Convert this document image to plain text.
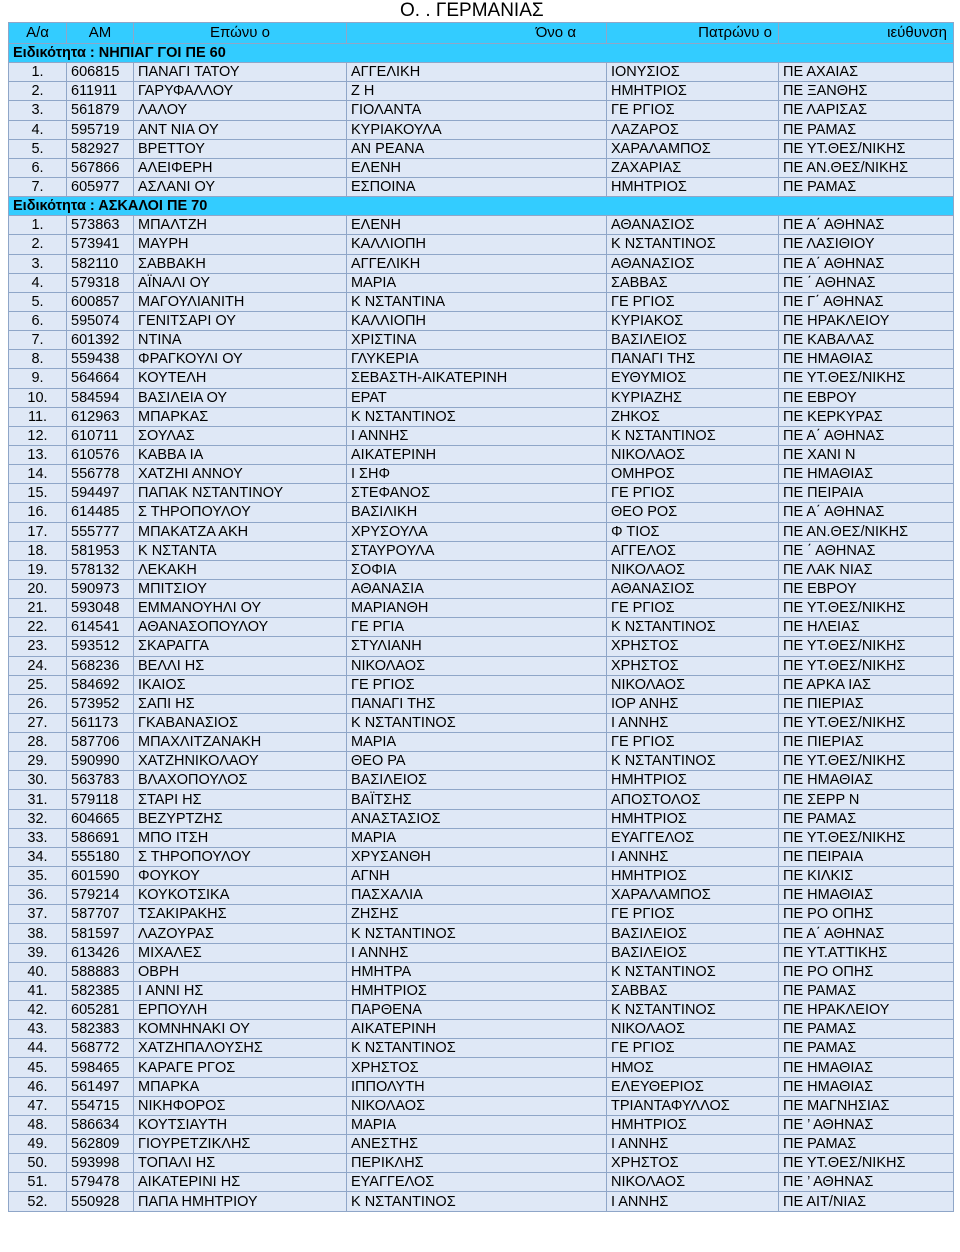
Ο. . ΓΕΡΜΑΝΙΑΣ
Α/α	ΑΜ	Επώνυ ο	Όνο α	Πατρώνυ ο	ιεύθυνση
Ειδικότητα : ΝΗΠΙΑΓ ΓΟΙ ΠΕ 60					
1.	606815	ΠΑΝΑΓΙ ΤΑΤΟΥ	ΑΓΓΕΛΙΚΗ	ΙΟΝΥΣΙΟΣ	ΠΕ ΑΧΑΙΑΣ
2.	611911	ΓΑΡΥΦΑΛΛΟΥ	Ζ Η	ΗΜΗΤΡΙΟΣ	ΠΕ ΞΑΝΘΗΣ
3.	561879	ΛΑΛΟΥ	ΓΙΟΛΑΝΤΑ	ΓΕ ΡΓΙΟΣ	ΠΕ ΛΑΡΙΣΑΣ
4.	595719	ΑΝΤ ΝΙΑ ΟΥ	ΚΥΡΙΑΚΟΥΛΑ	ΛΑΖΑΡΟΣ	ΠΕ ΡΑΜΑΣ
5.	582927	ΒΡΕΤΤΟΥ	ΑΝ ΡΕΑΝΑ	ΧΑΡΑΛΑΜΠΟΣ	ΠΕ ΥΤ.ΘΕΣ/ΝΙΚΗΣ
6.	567866	ΑΛΕΙΦΕΡΗ	ΕΛΕΝΗ	ΖΑΧΑΡΙΑΣ	ΠΕ ΑΝ.ΘΕΣ/ΝΙΚΗΣ
7.	605977	ΑΣΛΑΝΙ ΟΥ	ΕΣΠΟΙΝΑ	ΗΜΗΤΡΙΟΣ	ΠΕ ΡΑΜΑΣ
Ειδικότητα : ΑΣΚΑΛΟΙ ΠΕ 70					
1.	573863	ΜΠΑΛΤΖΗ	ΕΛΕΝΗ	ΑΘΑΝΑΣΙΟΣ	ΠΕ Α΄ ΑΘΗΝΑΣ
2.	573941	ΜΑΥΡΗ	ΚΑΛΛΙΟΠΗ	Κ ΝΣΤΑΝΤΙΝΟΣ	ΠΕ ΛΑΣΙΘΙΟΥ
3.	582110	ΣΑΒΒΑΚΗ	ΑΓΓΕΛΙΚΗ	ΑΘΑΝΑΣΙΟΣ	ΠΕ Α΄ ΑΘΗΝΑΣ
4.	579318	ΑΪΝΑΛΙ ΟΥ	ΜΑΡΙΑ	ΣΑΒΒΑΣ	ΠΕ ΄ ΑΘΗΝΑΣ
5.	600857	ΜΑΓΟΥΛΙΑΝΙΤΗ	Κ ΝΣΤΑΝΤΙΝΑ	ΓΕ ΡΓΙΟΣ	ΠΕ Γ΄ ΑΘΗΝΑΣ
6.	595074	ΓΕΝΙΤΣΑΡΙ ΟΥ	ΚΑΛΛΙΟΠΗ	ΚΥΡΙΑΚΟΣ	ΠΕ ΗΡΑΚΛΕΙΟΥ
7.	601392	ΝΤΙΝΑ	ΧΡΙΣΤΙΝΑ	ΒΑΣΙΛΕΙΟΣ	ΠΕ ΚΑΒΑΛΑΣ
8.	559438	ΦΡΑΓΚΟΥΛΙ ΟΥ	ΓΛΥΚΕΡΙΑ	ΠΑΝΑΓΙ ΤΗΣ	ΠΕ ΗΜΑΘΙΑΣ
9.	564664	ΚΟΥΤΕΛΗ	ΣΕΒΑΣΤΗ-ΑΙΚΑΤΕΡΙΝΗ	ΕΥΘΥΜΙΟΣ	ΠΕ ΥΤ.ΘΕΣ/ΝΙΚΗΣ
10.	584594	ΒΑΣΙΛΕΙΑ ΟΥ	ΕΡΑΤ	ΚΥΡΙΑΖΗΣ	ΠΕ ΕΒΡΟΥ
11.	612963	ΜΠΑΡΚΑΣ	Κ ΝΣΤΑΝΤΙΝΟΣ	ΖΗΚΟΣ	ΠΕ ΚΕΡΚΥΡΑΣ
12.	610711	ΣΟΥΛΑΣ	Ι ΑΝΝΗΣ	Κ ΝΣΤΑΝΤΙΝΟΣ	ΠΕ Α΄ ΑΘΗΝΑΣ
13.	610576	ΚΑΒΒΑ ΙΑ	ΑΙΚΑΤΕΡΙΝΗ	ΝΙΚΟΛΑΟΣ	ΠΕ ΧΑΝΙ Ν
14.	556778	ΧΑΤΖΗΙ ΑΝΝΟΥ	Ι ΣΗΦ	ΟΜΗΡΟΣ	ΠΕ ΗΜΑΘΙΑΣ
15.	594497	ΠΑΠΑΚ ΝΣΤΑΝΤΙΝΟΥ	ΣΤΕΦΑΝΟΣ	ΓΕ ΡΓΙΟΣ	ΠΕ ΠΕΙΡΑΙΑ
16.	614485	Σ ΤΗΡΟΠΟΥΛΟΥ	ΒΑΣΙΛΙΚΗ	ΘΕΟ ΡΟΣ	ΠΕ Α΄ ΑΘΗΝΑΣ
17.	555777	ΜΠΑΚΑΤΖΑ ΑΚΗ	ΧΡΥΣΟΥΛΑ	Φ ΤΙΟΣ	ΠΕ ΑΝ.ΘΕΣ/ΝΙΚΗΣ
18.	581953	Κ ΝΣΤΑΝΤΑ	ΣΤΑΥΡΟΥΛΑ	ΑΓΓΕΛΟΣ	ΠΕ ΄ ΑΘΗΝΑΣ
19.	578132	ΛΕΚΑΚΗ	ΣΟΦΙΑ	ΝΙΚΟΛΑΟΣ	ΠΕ ΛΑΚ ΝΙΑΣ
20.	590973	ΜΠΙΤΣΙΟΥ	ΑΘΑΝΑΣΙΑ	ΑΘΑΝΑΣΙΟΣ	ΠΕ ΕΒΡΟΥ
21.	593048	ΕΜΜΑΝΟΥΗΛΙ ΟΥ	ΜΑΡΙΑΝΘΗ	ΓΕ ΡΓΙΟΣ	ΠΕ ΥΤ.ΘΕΣ/ΝΙΚΗΣ
22.	614541	ΑΘΑΝΑΣΟΠΟΥΛΟΥ	ΓΕ ΡΓΙΑ	Κ ΝΣΤΑΝΤΙΝΟΣ	ΠΕ ΗΛΕΙΑΣ
23.	593512	ΣΚΑΡΑΓΓΑ	ΣΤΥΛΙΑΝΗ	ΧΡΗΣΤΟΣ	ΠΕ ΥΤ.ΘΕΣ/ΝΙΚΗΣ
24.	568236	ΒΕΛΛΙ ΗΣ	ΝΙΚΟΛΑΟΣ	ΧΡΗΣΤΟΣ	ΠΕ ΥΤ.ΘΕΣ/ΝΙΚΗΣ
25.	584692	ΙΚΑΙΟΣ	ΓΕ ΡΓΙΟΣ	ΝΙΚΟΛΑΟΣ	ΠΕ ΑΡΚΑ ΙΑΣ
26.	573952	ΣΑΠΙ ΗΣ	ΠΑΝΑΓΙ ΤΗΣ	ΙΟΡ ΑΝΗΣ	ΠΕ ΠΙΕΡΙΑΣ
27.	561173	ΓΚΑΒΑΝΑΣΙΟΣ	Κ ΝΣΤΑΝΤΙΝΟΣ	Ι ΑΝΝΗΣ	ΠΕ ΥΤ.ΘΕΣ/ΝΙΚΗΣ
28.	587706	ΜΠΑΧΛΙΤΖΑΝΑΚΗ	ΜΑΡΙΑ	ΓΕ ΡΓΙΟΣ	ΠΕ ΠΙΕΡΙΑΣ
29.	590990	ΧΑΤΖΗΝΙΚΟΛΑΟΥ	ΘΕΟ ΡΑ	Κ ΝΣΤΑΝΤΙΝΟΣ	ΠΕ ΥΤ.ΘΕΣ/ΝΙΚΗΣ
30.	563783	ΒΛΑΧΟΠΟΥΛΟΣ	ΒΑΣΙΛΕΙΟΣ	ΗΜΗΤΡΙΟΣ	ΠΕ ΗΜΑΘΙΑΣ
31.	579118	ΣΤΑΡΙ ΗΣ	ΒΑΪΤΣΗΣ	ΑΠΟΣΤΟΛΟΣ	ΠΕ ΣΕΡΡ Ν
32.	604665	ΒΕΖΥΡΤΖΗΣ	ΑΝΑΣΤΑΣΙΟΣ	ΗΜΗΤΡΙΟΣ	ΠΕ ΡΑΜΑΣ
33.	586691	ΜΠΟ ΙΤΣΗ	ΜΑΡΙΑ	ΕΥΑΓΓΕΛΟΣ	ΠΕ ΥΤ.ΘΕΣ/ΝΙΚΗΣ
34.	555180	Σ ΤΗΡΟΠΟΥΛΟΥ	ΧΡΥΣΑΝΘΗ	Ι ΑΝΝΗΣ	ΠΕ ΠΕΙΡΑΙΑ
35.	601590	ΦΟΥΚΟΥ	ΑΓΝΗ	ΗΜΗΤΡΙΟΣ	ΠΕ ΚΙΛΚΙΣ
36.	579214	ΚΟΥΚΟΤΣΙΚΑ	ΠΑΣΧΑΛΙΑ	ΧΑΡΑΛΑΜΠΟΣ	ΠΕ ΗΜΑΘΙΑΣ
37.	587707	ΤΣΑΚΙΡΑΚΗΣ	ΖΗΣΗΣ	ΓΕ ΡΓΙΟΣ	ΠΕ ΡΟ ΟΠΗΣ
38.	581597	ΛΑΖΟΥΡΑΣ	Κ ΝΣΤΑΝΤΙΝΟΣ	ΒΑΣΙΛΕΙΟΣ	ΠΕ Α΄ ΑΘΗΝΑΣ
39.	613426	ΜΙΧΑΛΕΣ	Ι ΑΝΝΗΣ	ΒΑΣΙΛΕΙΟΣ	ΠΕ ΥΤ.ΑΤΤΙΚΗΣ
40.	588883	ΟΒΡΗ	ΗΜΗΤΡΑ	Κ ΝΣΤΑΝΤΙΝΟΣ	ΠΕ ΡΟ ΟΠΗΣ
41.	582385	Ι ΑΝΝΙ ΗΣ	ΗΜΗΤΡΙΟΣ	ΣΑΒΒΑΣ	ΠΕ ΡΑΜΑΣ
42.	605281	ΕΡΠΟΥΛΗ	ΠΑΡΘΕΝΑ	Κ ΝΣΤΑΝΤΙΝΟΣ	ΠΕ ΗΡΑΚΛΕΙΟΥ
43.	582383	ΚΟΜΝΗΝΑΚΙ ΟΥ	ΑΙΚΑΤΕΡΙΝΗ	ΝΙΚΟΛΑΟΣ	ΠΕ ΡΑΜΑΣ
44.	568772	ΧΑΤΖΗΠΑΛΟΥΣΗΣ	Κ ΝΣΤΑΝΤΙΝΟΣ	ΓΕ ΡΓΙΟΣ	ΠΕ ΡΑΜΑΣ
45.	598465	ΚΑΡΑΓΕ ΡΓΟΣ	ΧΡΗΣΤΟΣ	ΗΜΟΣ	ΠΕ ΗΜΑΘΙΑΣ
46.	561497	ΜΠΑΡΚΑ	ΙΠΠΟΛΥΤΗ	ΕΛΕΥΘΕΡΙΟΣ	ΠΕ ΗΜΑΘΙΑΣ
47.	554715	ΝΙΚΗΦΟΡΟΣ	ΝΙΚΟΛΑΟΣ	ΤΡΙΑΝΤΑΦΥΛΛΟΣ	ΠΕ ΜΑΓΝΗΣΙΑΣ
48.	586634	ΚΟΥΤΣΙΑΥΤΗ	ΜΑΡΙΑ	ΗΜΗΤΡΙΟΣ	ΠΕ ’ ΑΘΗΝΑΣ
49.	562809	ΓΙΟΥΡΕΤΖΙΚΛΗΣ	ΑΝΕΣΤΗΣ	Ι ΑΝΝΗΣ	ΠΕ ΡΑΜΑΣ
50.	593998	ΤΟΠΑΛΙ ΗΣ	ΠΕΡΙΚΛΗΣ	ΧΡΗΣΤΟΣ	ΠΕ ΥΤ.ΘΕΣ/ΝΙΚΗΣ
51.	579478	ΑΙΚΑΤΕΡΙΝΙ ΗΣ	ΕΥΑΓΓΕΛΟΣ	ΝΙΚΟΛΑΟΣ	ΠΕ ’ ΑΘΗΝΑΣ
52.	550928	ΠΑΠΑ ΗΜΗΤΡΙΟΥ	Κ ΝΣΤΑΝΤΙΝΟΣ	Ι ΑΝΝΗΣ	ΠΕ ΑΙΤ/ΝΙΑΣ
